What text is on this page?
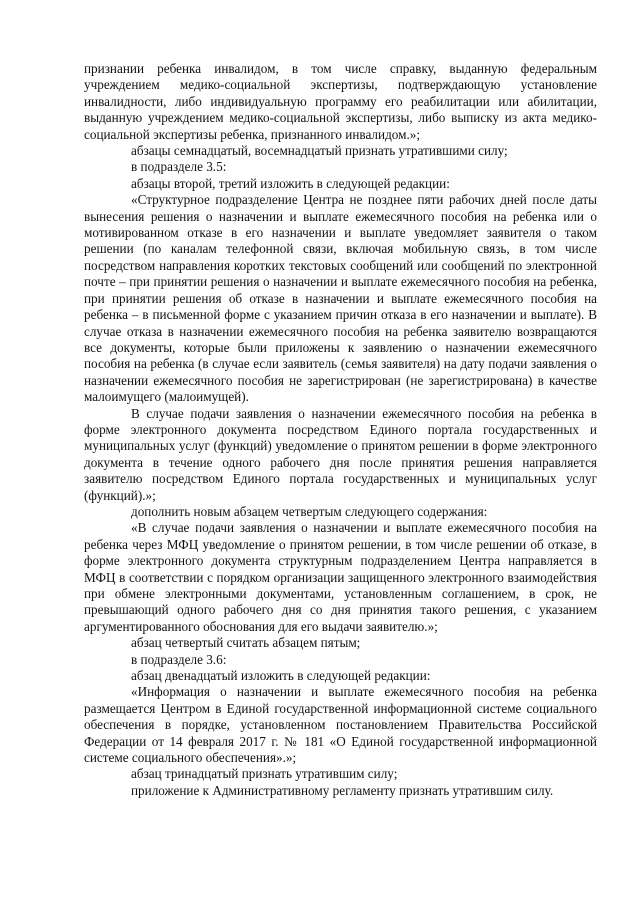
признании ребенка инвалидом, в том числе справку, выданную федеральным учреждением медико-социальной экспертизы, подтверждающую установление инвалидности, либо индивидуальную программу его реабилитации или абилитации, выданную учреждением медико-социальной экспертизы, либо выписку из акта медико-социальной экспертизы ребенка, признанного инвалидом.»;

абзацы семнадцатый, восемнадцатый признать утратившими силу;

в подразделе 3.5:

абзацы второй, третий изложить в следующей редакции:

«Структурное подразделение Центра не позднее пяти рабочих дней после даты вынесения решения о назначении и выплате ежемесячного пособия на ребенка или о мотивированном отказе в его назначении и выплате уведомляет заявителя о таком решении (по каналам телефонной связи, включая мобильную связь, в том числе посредством направления коротких текстовых сообщений или сообщений по электронной почте – при принятии решения о назначении и выплате ежемесячного пособия на ребенка, при принятии решения об отказе в назначении и выплате ежемесячного пособия на ребенка – в письменной форме с указанием причин отказа в его назначении и выплате). В случае отказа в назначении ежемесячного пособия на ребенка заявителю возвращаются все документы, которые были приложены к заявлению о назначении ежемесячного пособия на ребенка (в случае если заявитель (семья заявителя) на дату подачи заявления о назначении ежемесячного пособия не зарегистрирован (не зарегистрирована) в качестве малоимущего (малоимущей).

В случае подачи заявления о назначении ежемесячного пособия на ребенка в форме электронного документа посредством Единого портала государственных и муниципальных услуг (функций) уведомление о принятом решении в форме электронного документа в течение одного рабочего дня после принятия решения направляется заявителю посредством Единого портала государственных и муниципальных услуг (функций).»;

дополнить новым абзацем четвертым следующего содержания:

«В случае подачи заявления о назначении и выплате ежемесячного пособия на ребенка через МФЦ уведомление о принятом решении, в том числе решении об отказе, в форме электронного документа структурным подразделением Центра направляется в МФЦ в соответствии с порядком организации защищенного электронного взаимодействия при обмене электронными документами, установленным соглашением, в срок, не превышающий одного рабочего дня со дня принятия такого решения, с указанием аргументированного обоснования для его выдачи заявителю.»;

абзац четвертый считать абзацем пятым;

в подразделе 3.6:

абзац двенадцатый изложить в следующей редакции:

«Информация о назначении и выплате ежемесячного пособия на ребенка размещается Центром в Единой государственной информационной системе социального обеспечения в порядке, установленном постановлением Правительства Российской Федерации от 14 февраля 2017 г. № 181 «О Единой государственной информационной системе социального обеспечения».»;

абзац тринадцатый признать утратившим силу;

приложение к Административному регламенту признать утратившим силу.
